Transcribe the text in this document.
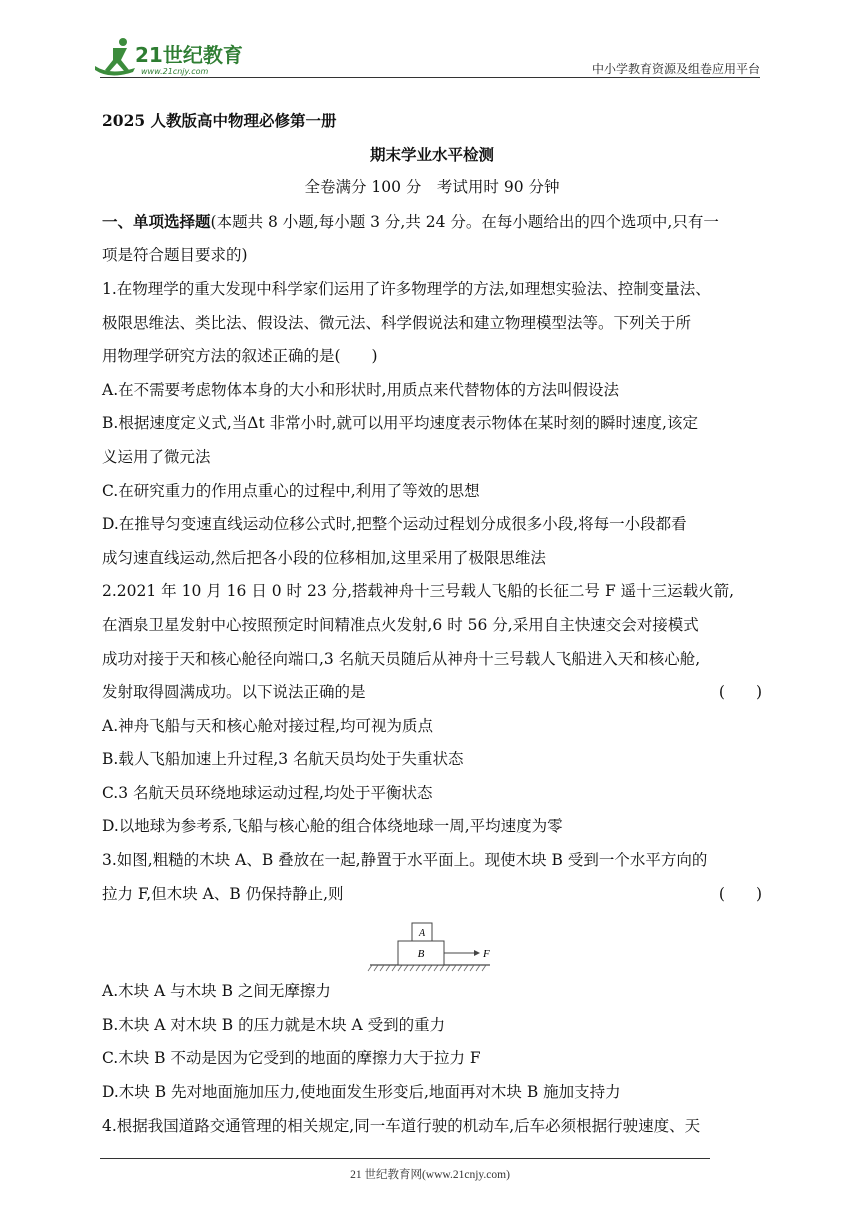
21世纪教育
www.21cnjy.com	中小学教育资源及组卷应用平台
2025 人教版高中物理必修第一册
期末学业水平检测
全卷满分 100 分　考试用时 90 分钟
一、单项选择题(本题共 8 小题,每小题 3 分,共 24 分。在每小题给出的四个选项中,只有一
项是符合题目要求的)
1.在物理学的重大发现中科学家们运用了许多物理学的方法,如理想实验法、控制变量法、
极限思维法、类比法、假设法、微元法、科学假说法和建立物理模型法等。下列关于所
用物理学研究方法的叙述正确的是(　　)
A.在不需要考虑物体本身的大小和形状时,用质点来代替物体的方法叫假设法
B.根据速度定义式,当Δt 非常小时,就可以用平均速度表示物体在某时刻的瞬时速度,该定
义运用了微元法
C.在研究重力的作用点重心的过程中,利用了等效的思想
D.在推导匀变速直线运动位移公式时,把整个运动过程划分成很多小段,将每一小段都看
成匀速直线运动,然后把各小段的位移相加,这里采用了极限思维法
2.2021 年 10 月 16 日 0 时 23 分,搭载神舟十三号载人飞船的长征二号 F 遥十三运载火箭,
在酒泉卫星发射中心按照预定时间精准点火发射,6 时 56 分,采用自主快速交会对接模式
成功对接于天和核心舱径向端口,3 名航天员随后从神舟十三号载人飞船进入天和核心舱,
发射取得圆满成功。以下说法正确的是	(　　)
A.神舟飞船与天和核心舱对接过程,均可视为质点
B.载人飞船加速上升过程,3 名航天员均处于失重状态
C.3 名航天员环绕地球运动过程,均处于平衡状态
D.以地球为参考系,飞船与核心舱的组合体绕地球一周,平均速度为零
3.如图,粗糙的木块 A、B 叠放在一起,静置于水平面上。现使木块 B 受到一个水平方向的
拉力 F,但木块 A、B 仍保持静止,则	(　　)
A
B	F
A.木块 A 与木块 B 之间无摩擦力
B.木块 A 对木块 B 的压力就是木块 A 受到的重力
C.木块 B 不动是因为它受到的地面的摩擦力大于拉力 F
D.木块 B 先对地面施加压力,使地面发生形变后,地面再对木块 B 施加支持力
4.根据我国道路交通管理的相关规定,同一车道行驶的机动车,后车必须根据行驶速度、天
21 世纪教育网(www.21cnjy.com)
